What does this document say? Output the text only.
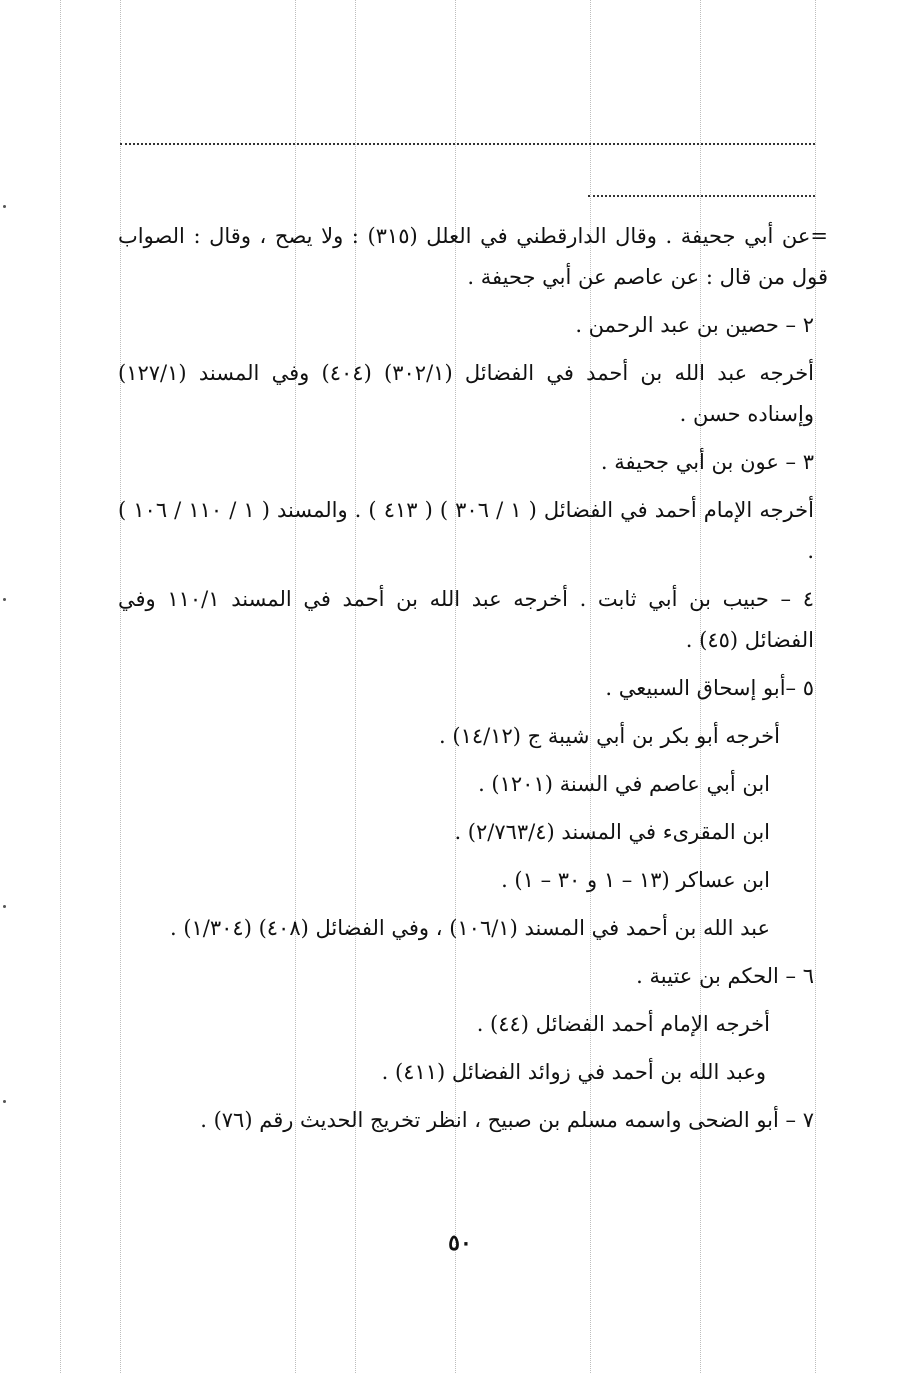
=عن أبي جحيفة . وقال الدارقطني في العلل (٣١٥) : ولا يصح ، وقال : الصواب قول من قال : عن عاصم عن أبي جحيفة .

٢ – حصين بن عبد الرحمن .

أخرجه عبد الله بن أحمد في الفضائل (٣٠٢/١) (٤٠٤) وفي المسند (١٢٧/١) وإسناده حسن .

٣ – عون بن أبي جحيفة .

أخرجه الإمام أحمد في الفضائل ( ١ / ٣٠٦ ) ( ٤١٣ ) . والمسند ( ١ / ١١٠ / ١٠٦ ) .

٤ – حبيب بن أبي ثابت . أخرجه عبد الله بن أحمد في المسند ١١٠/١ وفي الفضائل (٤٥) .

٥ –أبو إسحاق السبيعي .

أخرجه أبو بكر بن أبي شيبة ج (١٤/١٢) .

ابن أبي عاصم في السنة (١٢٠١) .

ابن المقرىء في المسند (٢/٧٦٣/٤) .

ابن عساكر (١٣ – ١ و ٣٠ – ١) .

عبد الله بن أحمد في المسند (١٠٦/١) ، وفي الفضائل (٤٠٨) (١/٣٠٤) .

٦ – الحكم بن عتيبة .

أخرجه الإمام أحمد الفضائل (٤٤) .

وعبد الله بن أحمد في زوائد الفضائل (٤١١) .

٧ – أبو الضحى واسمه مسلم بن صبيح ، انظر تخريج الحديث رقم (٧٦) .

٥٠
